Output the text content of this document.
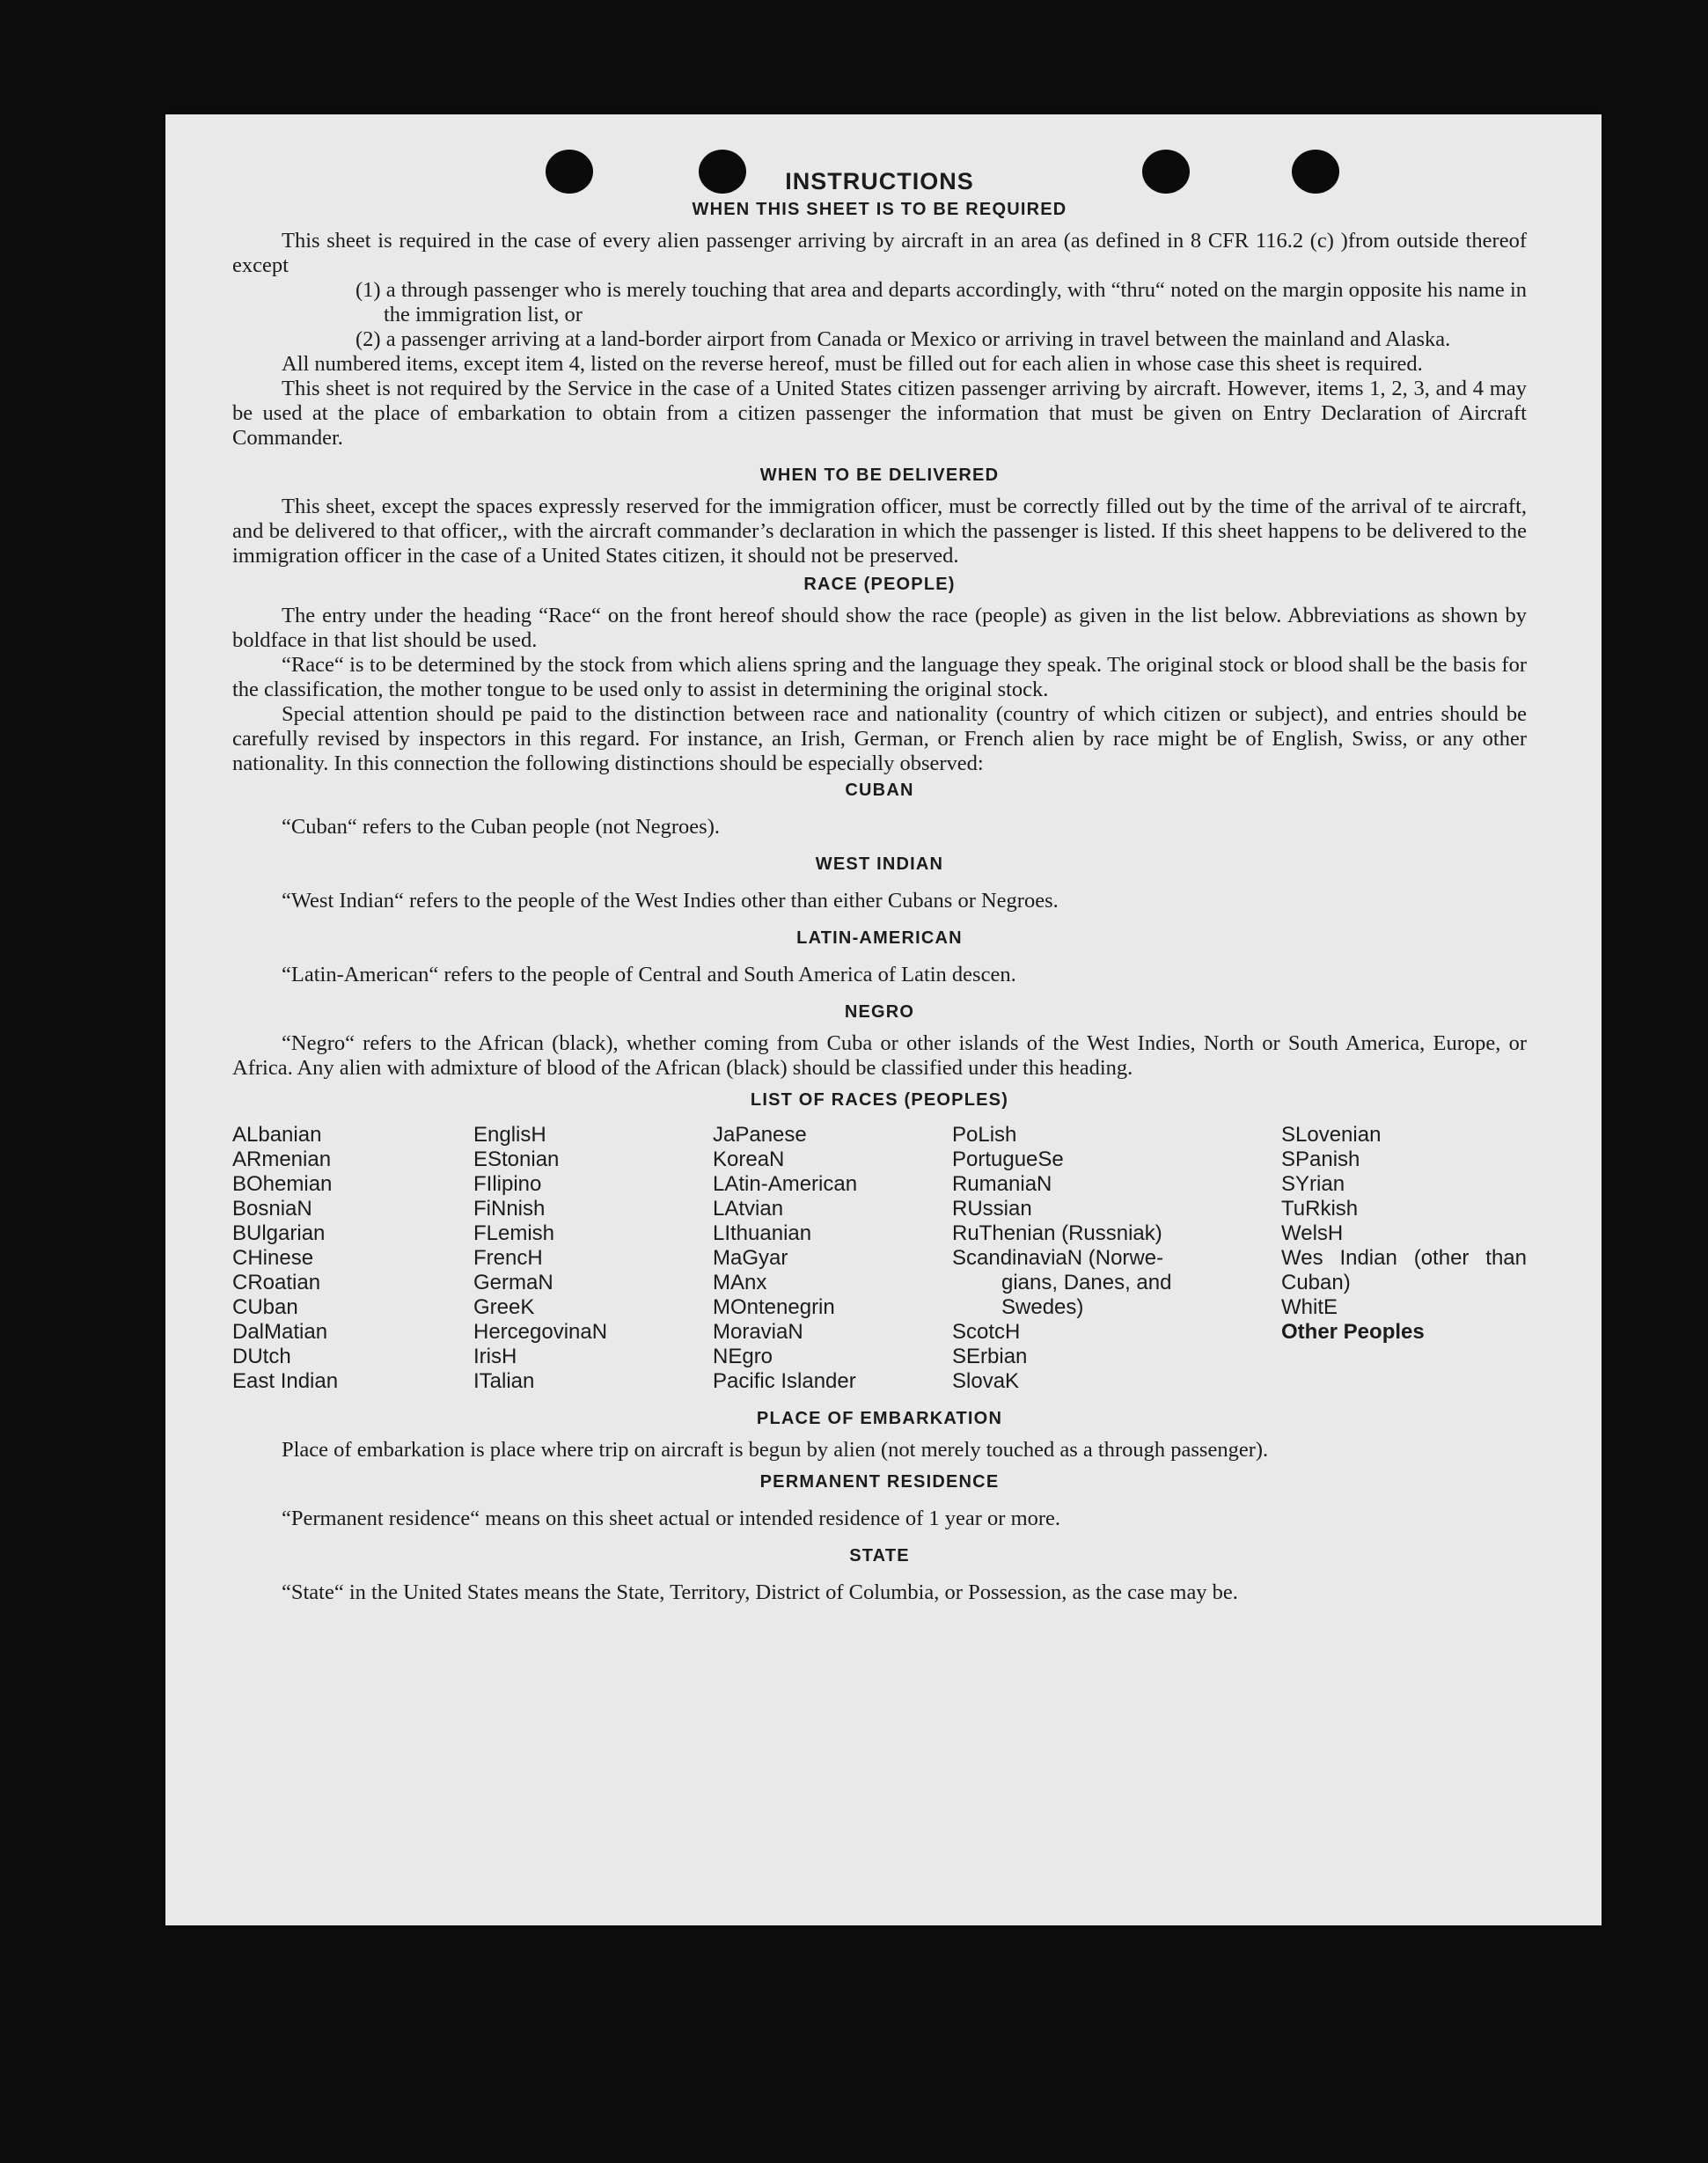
INSTRUCTIONS
WHEN THIS SHEET IS TO BE REQUIRED

This sheet is required in the case of every alien passenger arriving by aircraft in an area (as defined in 8 CFR 116.2 (c) )from outside thereof except

(1) a through passenger who is merely touching that area and departs accordingly, with “thru“ noted on the margin opposite his name in the immigration list, or

(2) a passenger arriving at a land-border airport from Canada or Mexico or arriving in travel between the mainland and Alaska.

All numbered items, except item 4, listed on the reverse hereof, must be filled out for each alien in whose case this sheet is required.

This sheet is not required by the Service in the case of a United States citizen passenger arriving by aircraft. However, items 1, 2, 3, and 4 may be used at the place of embarkation to obtain from a citizen passenger the information that must be given on Entry Declaration of Aircraft Commander.

WHEN TO BE DELIVERED

This sheet, except the spaces expressly reserved for the immigration officer, must be correctly filled out by the time of the arrival of te aircraft, and be delivered to that officer,, with the aircraft commander’s declaration in which the passenger is listed. If this sheet happens to be delivered to the immigration officer in the case of a United States citizen, it should not be preserved.

RACE (PEOPLE)

The entry under the heading “Race“ on the front hereof should show the race (people) as given in the list below. Abbreviations as shown by boldface in that list should be used.

“Race“ is to be determined by the stock from which aliens spring and the language they speak. The original stock or blood shall be the basis for the classification, the mother tongue to be used only to assist in determining the original stock.

Special attention should pe paid to the distinction between race and nationality (country of which citizen or subject), and entries should be carefully revised by inspectors in this regard. For instance, an Irish, German, or French alien by race might be of English, Swiss, or any other nationality. In this connection the following distinctions should be especially observed:

CUBAN

“Cuban“ refers to the Cuban people (not Negroes).

WEST INDIAN

“West Indian“ refers to the people of the West Indies other than either Cubans or Negroes.

LATIN-AMERICAN

“Latin-American“ refers to the people of Central and South America of Latin descen.

NEGRO

“Negro“ refers to the African (black), whether coming from Cuba or other islands of the West Indies, North or South America, Europe, or Africa. Any alien with admixture of blood of the African (black) should be classified under this heading.

LIST OF RACES (PEOPLES)
ALbanian
ARmenian
BOhemian
BosniaN
BUlgarian
CHinese
CRoatian
CUban
DalMatian
DUtch
East Indian
EnglisH
EStonian
FIlipino
FiNnish
FLemish
FrencH
GermaN
GreeK
HercegovinaN
IrisH
ITalian
JaPanese
KoreaN
LAtin-American
LAtvian
LIthuanian
MaGyar
MAnx
MOntenegrin
MoraviaN
NEgro
Pacific Islander
PoLish
PortugueSe
RumaniaN
RUssian
RuThenian (Russniak)
ScandinaviaN (Norwe-
gians, Danes, and
Swedes)
ScotcH
SErbian
SlovaK
SLovenian
SPanish
SYrian
TuRkish
WelsH
Wes Indian (other than Cuban)
WhitE
Other Peoples
PLACE OF EMBARKATION

Place of embarkation is place where trip on aircraft is begun by alien (not merely touched as a through passenger).

PERMANENT RESIDENCE

“Permanent residence“ means on this sheet actual or intended residence of 1 year or more.

STATE

“State“ in the United States means the State, Territory, District of Columbia, or Possession, as the case may be.
